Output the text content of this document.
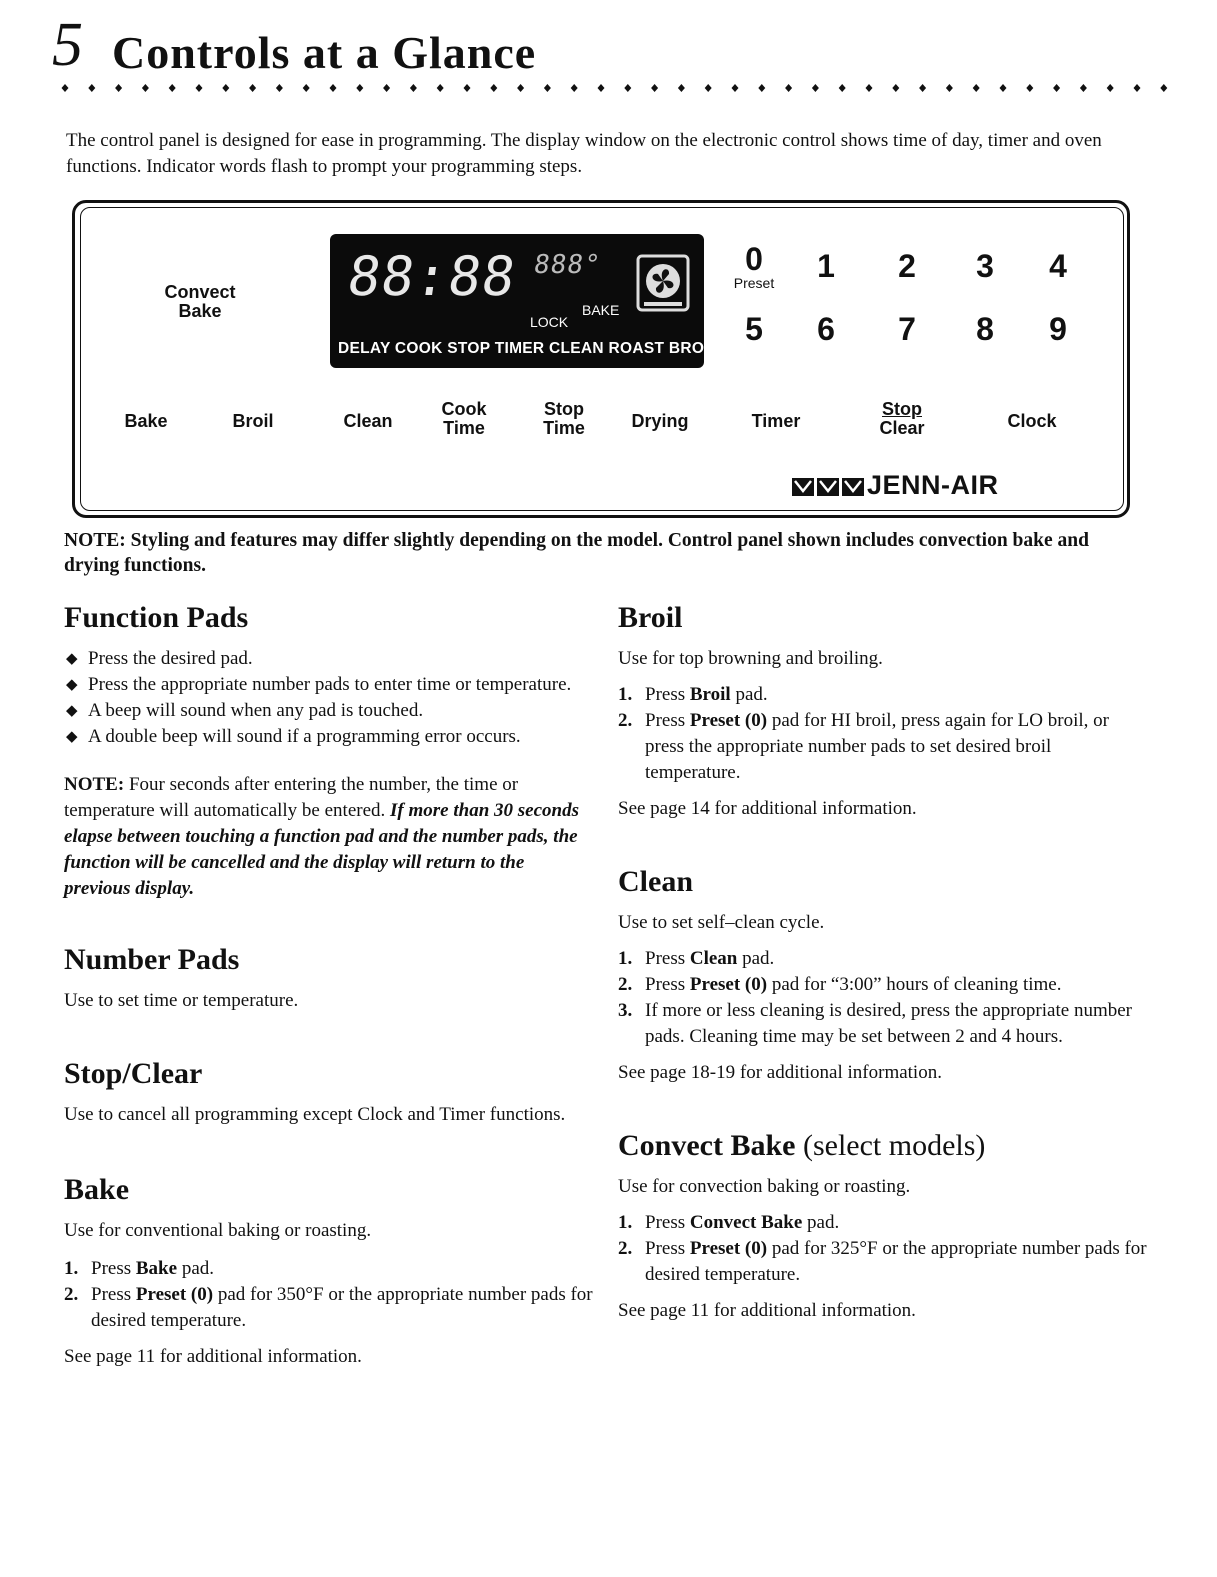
5 Controls at a Glance
The control panel is designed for ease in programming. The display window on the electronic control shows time of day, timer and oven functions. Indicator words flash to prompt your programming steps.
Convect
Bake
88:88 888°
BAKE
LOCK
DELAY COOK STOP TIMER CLEAN ROAST BROIL
0
Preset	1	2	3	4
5	6	7	8	9
Bake	Broil	Clean
Cook
Time
Stop
Time	Drying	Timer
Stop
Clear	Clock
JENN-AIR
NOTE: Styling and features may differ slightly depending on the model. Control panel shown includes convection bake and drying functions.
Function Pads
◆ Press the desired pad.
◆ Press the appropriate number pads to enter time or temperature.
◆ A beep will sound when any pad is touched.
◆ A double beep will sound if a programming error occurs.

NOTE: Four seconds after entering the number, the time or temperature will automatically be entered. If more than 30 seconds elapse between touching a function pad and the number pads, the function will be cancelled and the display will return to the previous display.

Number Pads

Use to set time or temperature.

Stop/Clear

Use to cancel all programming except Clock and Timer functions.

Bake

Use for conventional baking or roasting.

1. Press Bake pad.
2. Press Preset (0) pad for 350°F or the appropriate number pads for desired temperature.

See page 11 for additional information.

Broil

Use for top browning and broiling.

1. Press Broil pad.
2. Press Preset (0) pad for HI broil, press again for LO broil, or press the appropriate number pads to set desired broil temperature.

See page 14 for additional information.

Clean

Use to set self–clean cycle.

1. Press Clean pad.
2. Press Preset (0) pad for “3:00” hours of cleaning time.
3. If more or less cleaning is desired, press the appropriate number pads. Cleaning time may be set between 2 and 4 hours.

See page 18-19 for additional information.

Convect Bake (select models)

Use for convection baking or roasting.

1. Press Convect Bake pad.
2. Press Preset (0) pad for 325°F or the appropriate number pads for desired temperature.

See page 11 for additional information.
